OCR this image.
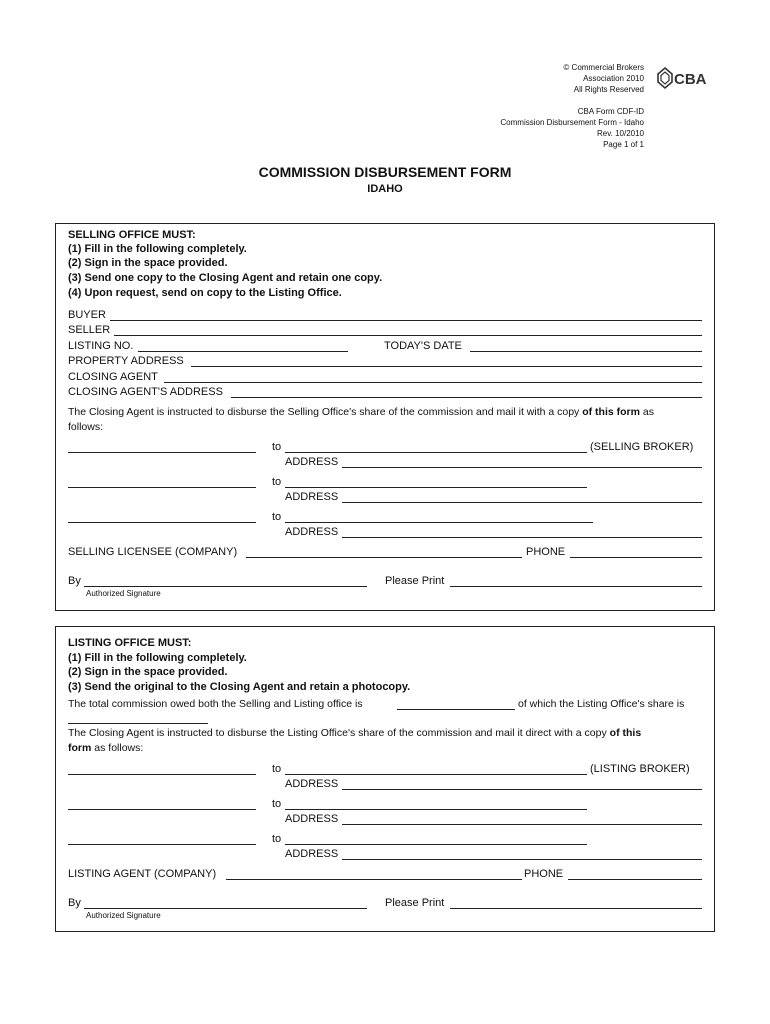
© Commercial Brokers
Association 2010
All Rights Reserved
CBA Form CDF-ID
Commission Disbursement Form - Idaho
Rev. 10/2010
Page 1 of 1
CBA
COMMISSION DISBURSEMENT FORM
IDAHO
SELLING OFFICE MUST:
(1) Fill in the following completely.
(2) Sign in the space provided.
(3) Send one copy to the Closing Agent and retain one copy.
(4) Upon request, send on copy to the Listing Office.
BUYER
SELLER
LISTING NO.	TODAY'S DATE
PROPERTY ADDRESS
CLOSING AGENT
CLOSING AGENT'S ADDRESS
The Closing Agent is instructed to disburse the Selling Office's share of the commission and mail it with a copy of this form as
follows:
to	(SELLING BROKER)
ADDRESS
to
ADDRESS
to
ADDRESS
SELLING LICENSEE (COMPANY)	PHONE
By
Authorized Signature
Please Print
LISTING OFFICE MUST:
(1) Fill in the following completely.
(2) Sign in the space provided.
(3) Send the original to the Closing Agent and retain a photocopy.
The total commission owed both the Selling and Listing office is	of which the Listing Office's share is
The Closing Agent is instructed to disburse the Listing Office's share of the commission and mail it direct with a copy of this
form as follows:
to	(LISTING BROKER)
ADDRESS
to
ADDRESS
to
ADDRESS
LISTING AGENT (COMPANY)	PHONE
By
Authorized Signature
Please Print
